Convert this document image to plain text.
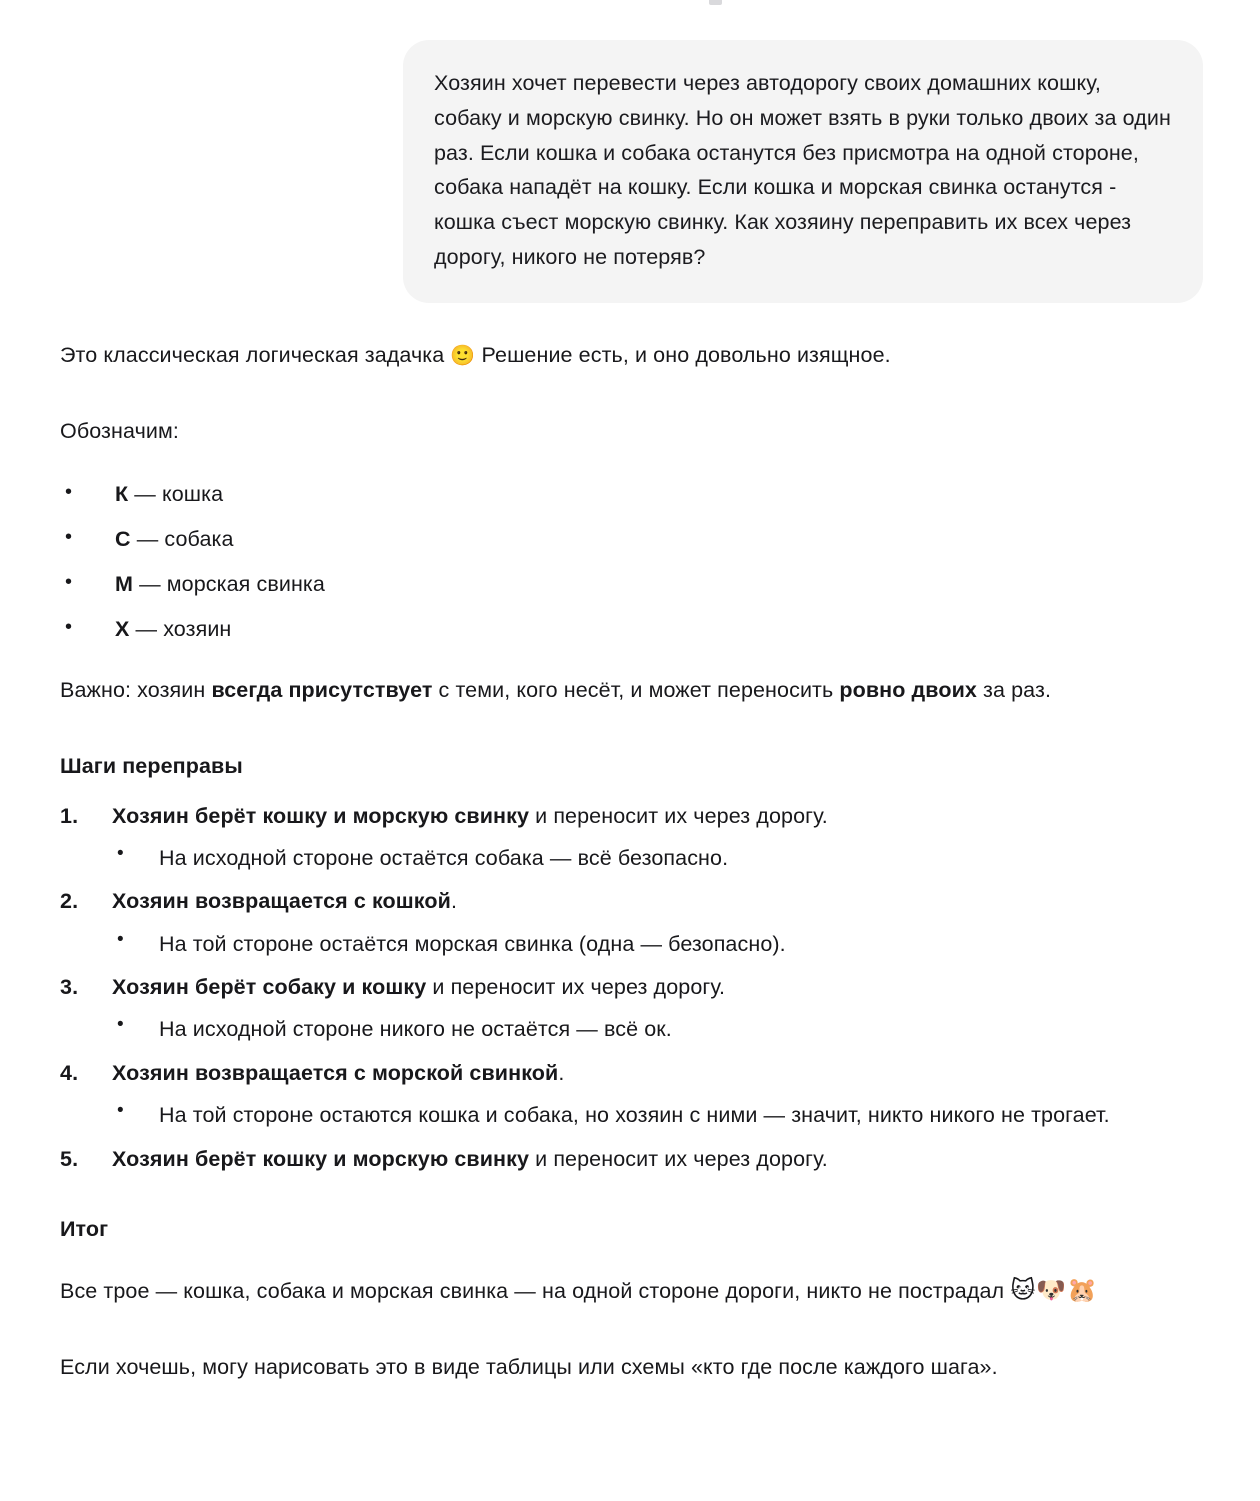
Хозяин хочет перевести через автодорогу своих домашних кошку, собаку и морскую свинку. Но он может взять в руки только двоих за один раз. Если кошка и собака останутся без присмотра на одной стороне, собака нападёт на кошку. Если кошка и морская свинка останутся - кошка съест морскую свинку. Как хозяину переправить их всех через дорогу, никого не потеряв?

Это классическая логическая задачка 🙂 Решение есть, и оно довольно изящное.

Обозначим:

• К — кошка
• С — собака
• М — морская свинка
• Х — хозяин

Важно: хозяин всегда присутствует с теми, кого несёт, и может переносить ровно двоих за раз.

Шаги переправы
Хозяин берёт кошку и морскую свинку и переносит их через дорогу.
• На исходной стороне остаётся собака — всё безопасно.
Хозяин возвращается с кошкой.
• На той стороне остаётся морская свинка (одна — безопасно).
Хозяин берёт собаку и кошку и переносит их через дорогу.
• На исходной стороне никого не остаётся — всё ок.
Хозяин возвращается с морской свинкой.
• На той стороне остаются кошка и собака, но хозяин с ними — значит, никто никого не трогает.
Хозяин берёт кошку и морскую свинку и переносит их через дорогу.
Итог

Все трое — кошка, собака и морская свинка — на одной стороне дороги, никто не пострадал 🐱🐶🐹

Если хочешь, могу нарисовать это в виде таблицы или схемы «кто где после каждого шага».
